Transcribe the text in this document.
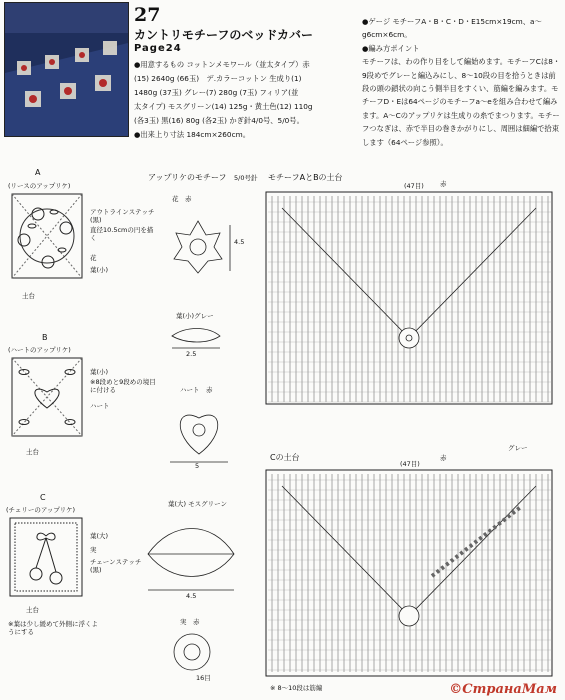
27
カントリモチーフのベッドカバー
Page24
● 用意するもの コットンメモワール（並太タイプ）赤
(15) 2640g (66玉)　デ.カラーコットン 生成り(1)
1480g (37玉) グレー(7) 280g (7玉) フィリア(並
太タイプ) モスグリーン(14) 125g・黄土色(12) 110g
(各3玉) 黒(16) 80g (各2玉) かぎ針4/0号、5/0号。
● 出来上り寸法 184cm×260cm。
● ゲージ モチーフA・B・C・D・E15cm×19cm、a〜g6cm×6cm。
● 編み方ポイント
モチーフは、わの作り目をして編始めます。モチーフCは8・9段めでグレーと編込みにし、8〜10段の目を拾うときは前段の頭の鎖状の向こう側半目をすくい、筋編を編みます。モチーフD・Eは64ページのモチーフa〜eを組み合わせて編みます。A〜Cのアップリケは生成りの糸でまつります。モチーフつなぎは、赤で半目の巻きかがりにし、周囲は細編で拾束します（64ページ参照）。
A
(リースのアップリケ)
アウトラインステッチ(黒)
直径10.5cmの円を描く
花
葉(小)
土台
B
(ハートのアップリケ)
葉(小)
※8段めと9段めの境目に付ける
ハート
土台
C
(チェリーのアップリケ)
葉(大)
実
チェーンステッチ(黒)
土台
※葉は少し緩めて外側に浮くようにする
アップリケのモチーフ 5/0号針
花　赤
4.5
葉(小)グレー
2.5
ハート　赤
5
葉(大) モスグリーン
4.5
実　赤
16目
モチーフAとBの土台
(47目) 赤
Cの土台
(47目)
赤
グレー
※ 8〜10段は筋編	©СтранаМам
